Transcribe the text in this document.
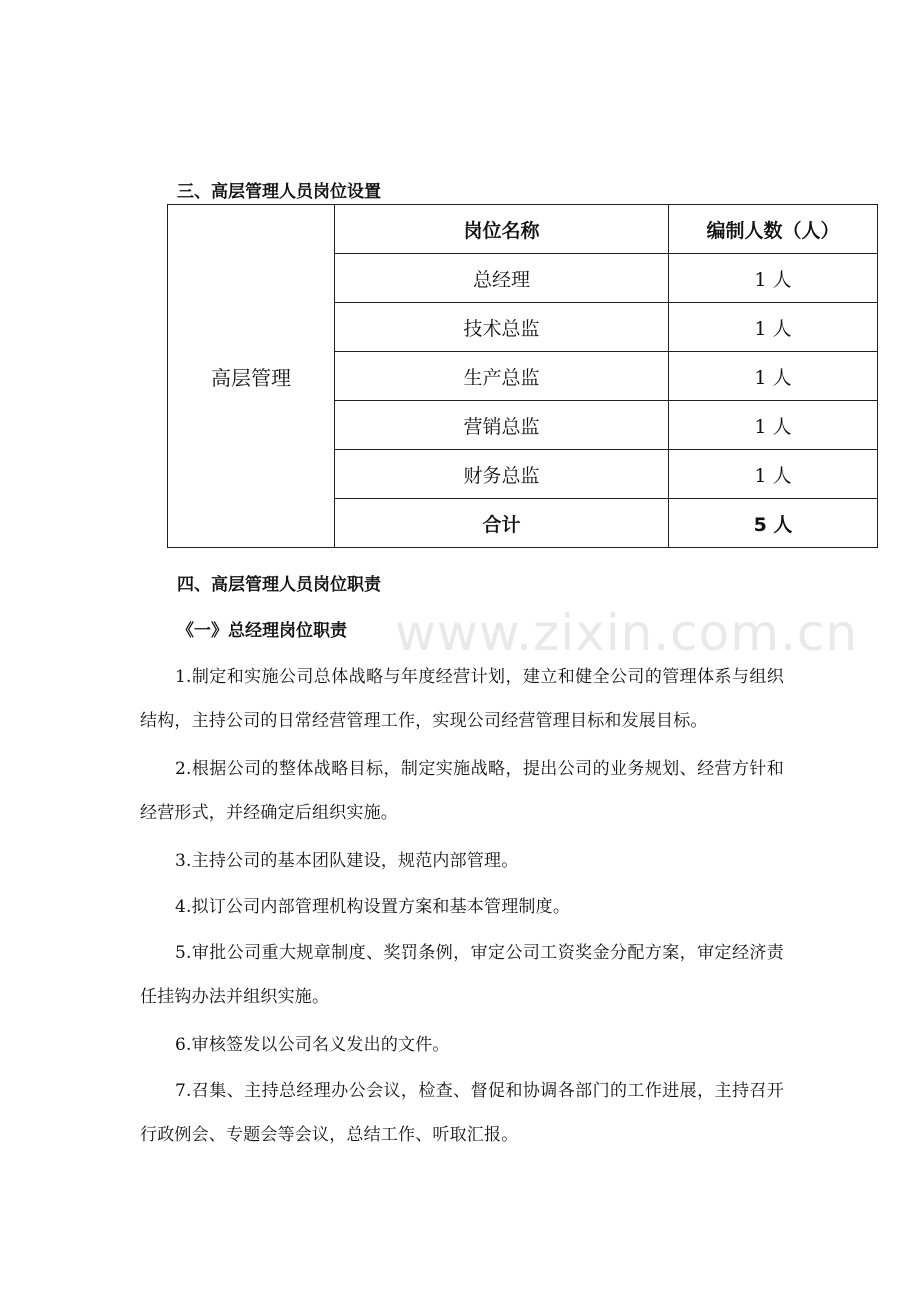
三、高层管理人员岗位设置
高层管理	岗位名称	编制人数（人）
	总经理	1 人
	技术总监	1 人
	生产总监	1 人
	营销总监	1 人
	财务总监	1 人
	合计	5 人
四、高层管理人员岗位职责
《一》总经理岗位职责 www.zixin.com.cn

1.制定和实施公司总体战略与年度经营计划，建立和健全公司的管理体系与组织结构，主持公司的日常经营管理工作，实现公司经营管理目标和发展目标。

2.根据公司的整体战略目标，制定实施战略，提出公司的业务规划、经营方针和经营形式，并经确定后组织实施。

3.主持公司的基本团队建设，规范内部管理。

4.拟订公司内部管理机构设置方案和基本管理制度。

5.审批公司重大规章制度、奖罚条例，审定公司工资奖金分配方案，审定经济责任挂钩办法并组织实施。

6.审核签发以公司名义发出的文件。

7.召集、主持总经理办公会议，检查、督促和协调各部门的工作进展，主持召开行政例会、专题会等会议，总结工作、听取汇报。
